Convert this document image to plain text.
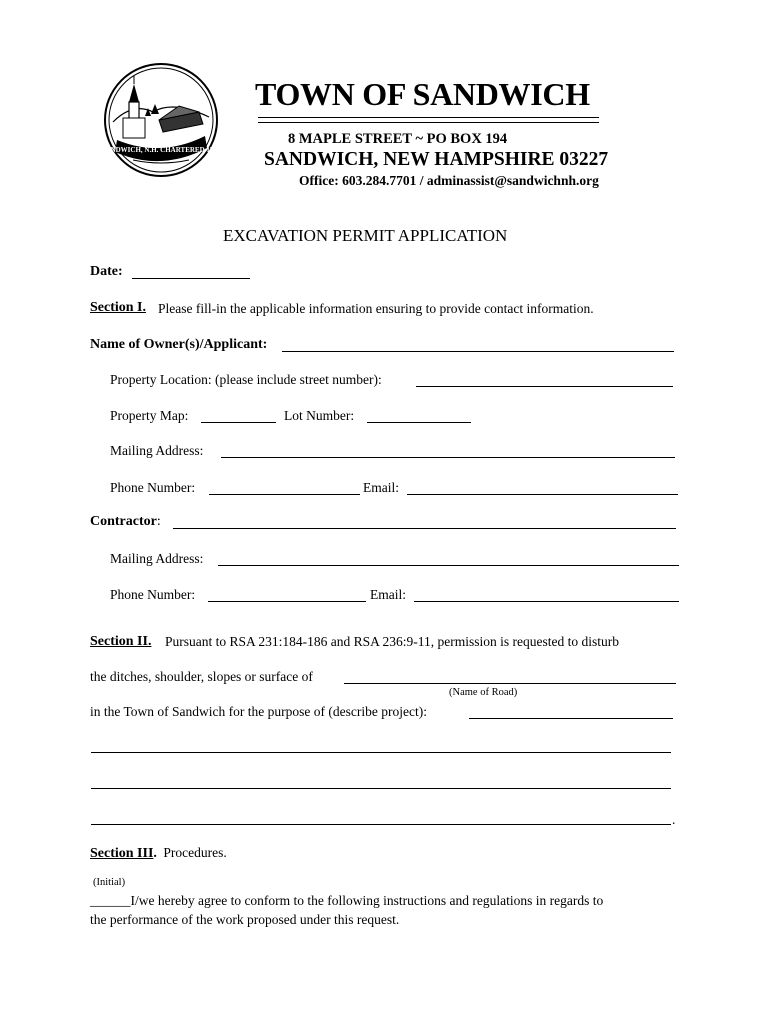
SANDWICH, N.H. CHARTERED 1763
TOWN OF SANDWICH
8 MAPLE STREET ~ PO BOX 194
SANDWICH, NEW HAMPSHIRE 03227
Office: 603.284.7701 / adminassist@sandwichnh.org
EXCAVATION PERMIT APPLICATION
Date:
Section I. Please fill-in the applicable information ensuring to provide contact information.
Name of Owner(s)/Applicant:
Property Location: (please include street number):
Property Map:	Lot Number:
Mailing Address:
Phone Number:	Email:
Contractor:
Mailing Address:
Phone Number:	Email:
Section II. Pursuant to RSA 231:184-186 and RSA 236:9-11, permission is requested to disturb
the ditches, shoulder, slopes or surface of
(Name of Road)
in the Town of Sandwich for the purpose of (describe project):
.
Section III. Procedures.
(Initial)
______I/we hereby agree to conform to the following instructions and regulations in regards to
the performance of the work proposed under this request.
